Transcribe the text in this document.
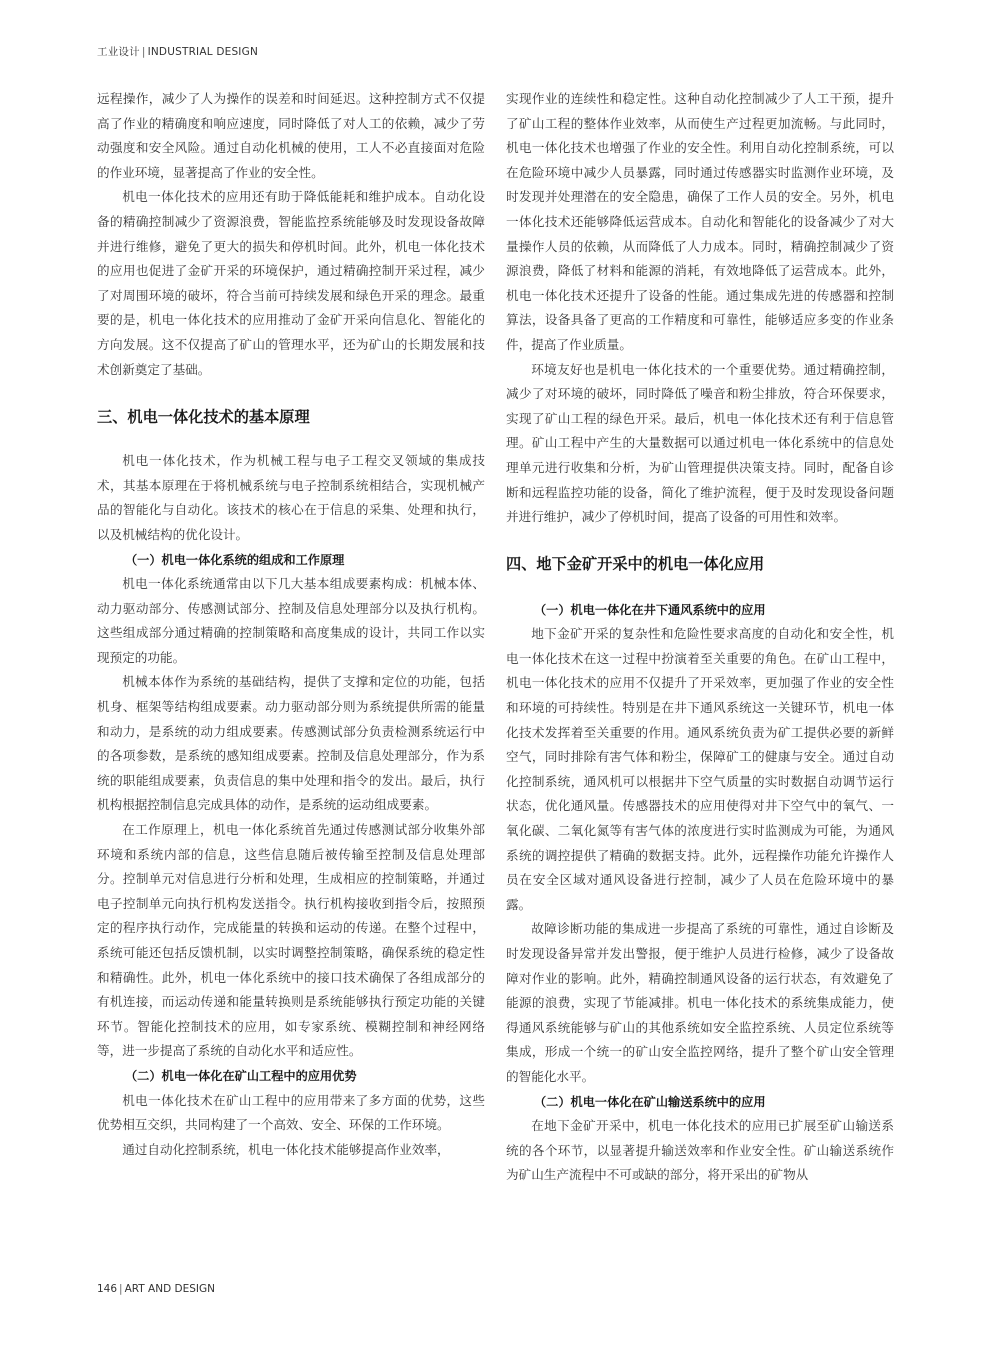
工业设计 | INDUSTRIAL DESIGN

远程操作，减少了人为操作的误差和时间延迟。这种控制方式不仅提高了作业的精确度和响应速度，同时降低了对人工的依赖，减少了劳动强度和安全风险。通过自动化机械的使用，工人不必直接面对危险的作业环境，显著提高了作业的安全性。

机电一体化技术的应用还有助于降低能耗和维护成本。自动化设备的精确控制减少了资源浪费，智能监控系统能够及时发现设备故障并进行维修，避免了更大的损失和停机时间。此外，机电一体化技术的应用也促进了金矿开采的环境保护，通过精确控制开采过程，减少了对周围环境的破坏，符合当前可持续发展和绿色开采的理念。最重要的是，机电一体化技术的应用推动了金矿开采向信息化、智能化的方向发展。这不仅提高了矿山的管理水平，还为矿山的长期发展和技术创新奠定了基础。

三、机电一体化技术的基本原理

机电一体化技术，作为机械工程与电子工程交叉领域的集成技术，其基本原理在于将机械系统与电子控制系统相结合，实现机械产品的智能化与自动化。该技术的核心在于信息的采集、处理和执行，以及机械结构的优化设计。

（一）机电一体化系统的组成和工作原理

机电一体化系统通常由以下几大基本组成要素构成：机械本体、动力驱动部分、传感测试部分、控制及信息处理部分以及执行机构。这些组成部分通过精确的控制策略和高度集成的设计，共同工作以实现预定的功能。

机械本体作为系统的基础结构，提供了支撑和定位的功能，包括机身、框架等结构组成要素。动力驱动部分则为系统提供所需的能量和动力，是系统的动力组成要素。传感测试部分负责检测系统运行中的各项参数，是系统的感知组成要素。控制及信息处理部分，作为系统的职能组成要素，负责信息的集中处理和指令的发出。最后，执行机构根据控制信息完成具体的动作，是系统的运动组成要素。

在工作原理上，机电一体化系统首先通过传感测试部分收集外部环境和系统内部的信息，这些信息随后被传输至控制及信息处理部分。控制单元对信息进行分析和处理，生成相应的控制策略，并通过电子控制单元向执行机构发送指令。执行机构接收到指令后，按照预定的程序执行动作，完成能量的转换和运动的传递。在整个过程中，系统可能还包括反馈机制，以实时调整控制策略，确保系统的稳定性和精确性。此外，机电一体化系统中的接口技术确保了各组成部分的有机连接，而运动传递和能量转换则是系统能够执行预定功能的关键环节。智能化控制技术的应用，如专家系统、模糊控制和神经网络等，进一步提高了系统的自动化水平和适应性。

（二）机电一体化在矿山工程中的应用优势

机电一体化技术在矿山工程中的应用带来了多方面的优势，这些优势相互交织，共同构建了一个高效、安全、环保的工作环境。

通过自动化控制系统，机电一体化技术能够提高作业效率，

实现作业的连续性和稳定性。这种自动化控制减少了人工干预，提升了矿山工程的整体作业效率，从而使生产过程更加流畅。与此同时，机电一体化技术也增强了作业的安全性。利用自动化控制系统，可以在危险环境中减少人员暴露，同时通过传感器实时监测作业环境，及时发现并处理潜在的安全隐患，确保了工作人员的安全。另外，机电一体化技术还能够降低运营成本。自动化和智能化的设备减少了对大量操作人员的依赖，从而降低了人力成本。同时，精确控制减少了资源浪费，降低了材料和能源的消耗，有效地降低了运营成本。此外，机电一体化技术还提升了设备的性能。通过集成先进的传感器和控制算法，设备具备了更高的工作精度和可靠性，能够适应多变的作业条件，提高了作业质量。

环境友好也是机电一体化技术的一个重要优势。通过精确控制，减少了对环境的破坏，同时降低了噪音和粉尘排放，符合环保要求，实现了矿山工程的绿色开采。最后，机电一体化技术还有利于信息管理。矿山工程中产生的大量数据可以通过机电一体化系统中的信息处理单元进行收集和分析，为矿山管理提供决策支持。同时，配备自诊断和远程监控功能的设备，简化了维护流程，便于及时发现设备问题并进行维护，减少了停机时间，提高了设备的可用性和效率。

四、地下金矿开采中的机电一体化应用
（一）机电一体化在井下通风系统中的应用

地下金矿开采的复杂性和危险性要求高度的自动化和安全性，机电一体化技术在这一过程中扮演着至关重要的角色。在矿山工程中，机电一体化技术的应用不仅提升了开采效率，更加强了作业的安全性和环境的可持续性。特别是在井下通风系统这一关键环节，机电一体化技术发挥着至关重要的作用。通风系统负责为矿工提供必要的新鲜空气，同时排除有害气体和粉尘，保障矿工的健康与安全。通过自动化控制系统，通风机可以根据井下空气质量的实时数据自动调节运行状态，优化通风量。传感器技术的应用使得对井下空气中的氧气、一氧化碳、二氧化氮等有害气体的浓度进行实时监测成为可能，为通风系统的调控提供了精确的数据支持。此外，远程操作功能允许操作人员在安全区域对通风设备进行控制，减少了人员在危险环境中的暴露。

故障诊断功能的集成进一步提高了系统的可靠性，通过自诊断及时发现设备异常并发出警报，便于维护人员进行检修，减少了设备故障对作业的影响。此外，精确控制通风设备的运行状态，有效避免了能源的浪费，实现了节能减排。机电一体化技术的系统集成能力，使得通风系统能够与矿山的其他系统如安全监控系统、人员定位系统等集成，形成一个统一的矿山安全监控网络，提升了整个矿山安全管理的智能化水平。

（二）机电一体化在矿山输送系统中的应用

在地下金矿开采中，机电一体化技术的应用已扩展至矿山输送系统的各个环节，以显著提升输送效率和作业安全性。矿山输送系统作为矿山生产流程中不可或缺的部分，将开采出的矿物从

146 | ART AND DESIGN
